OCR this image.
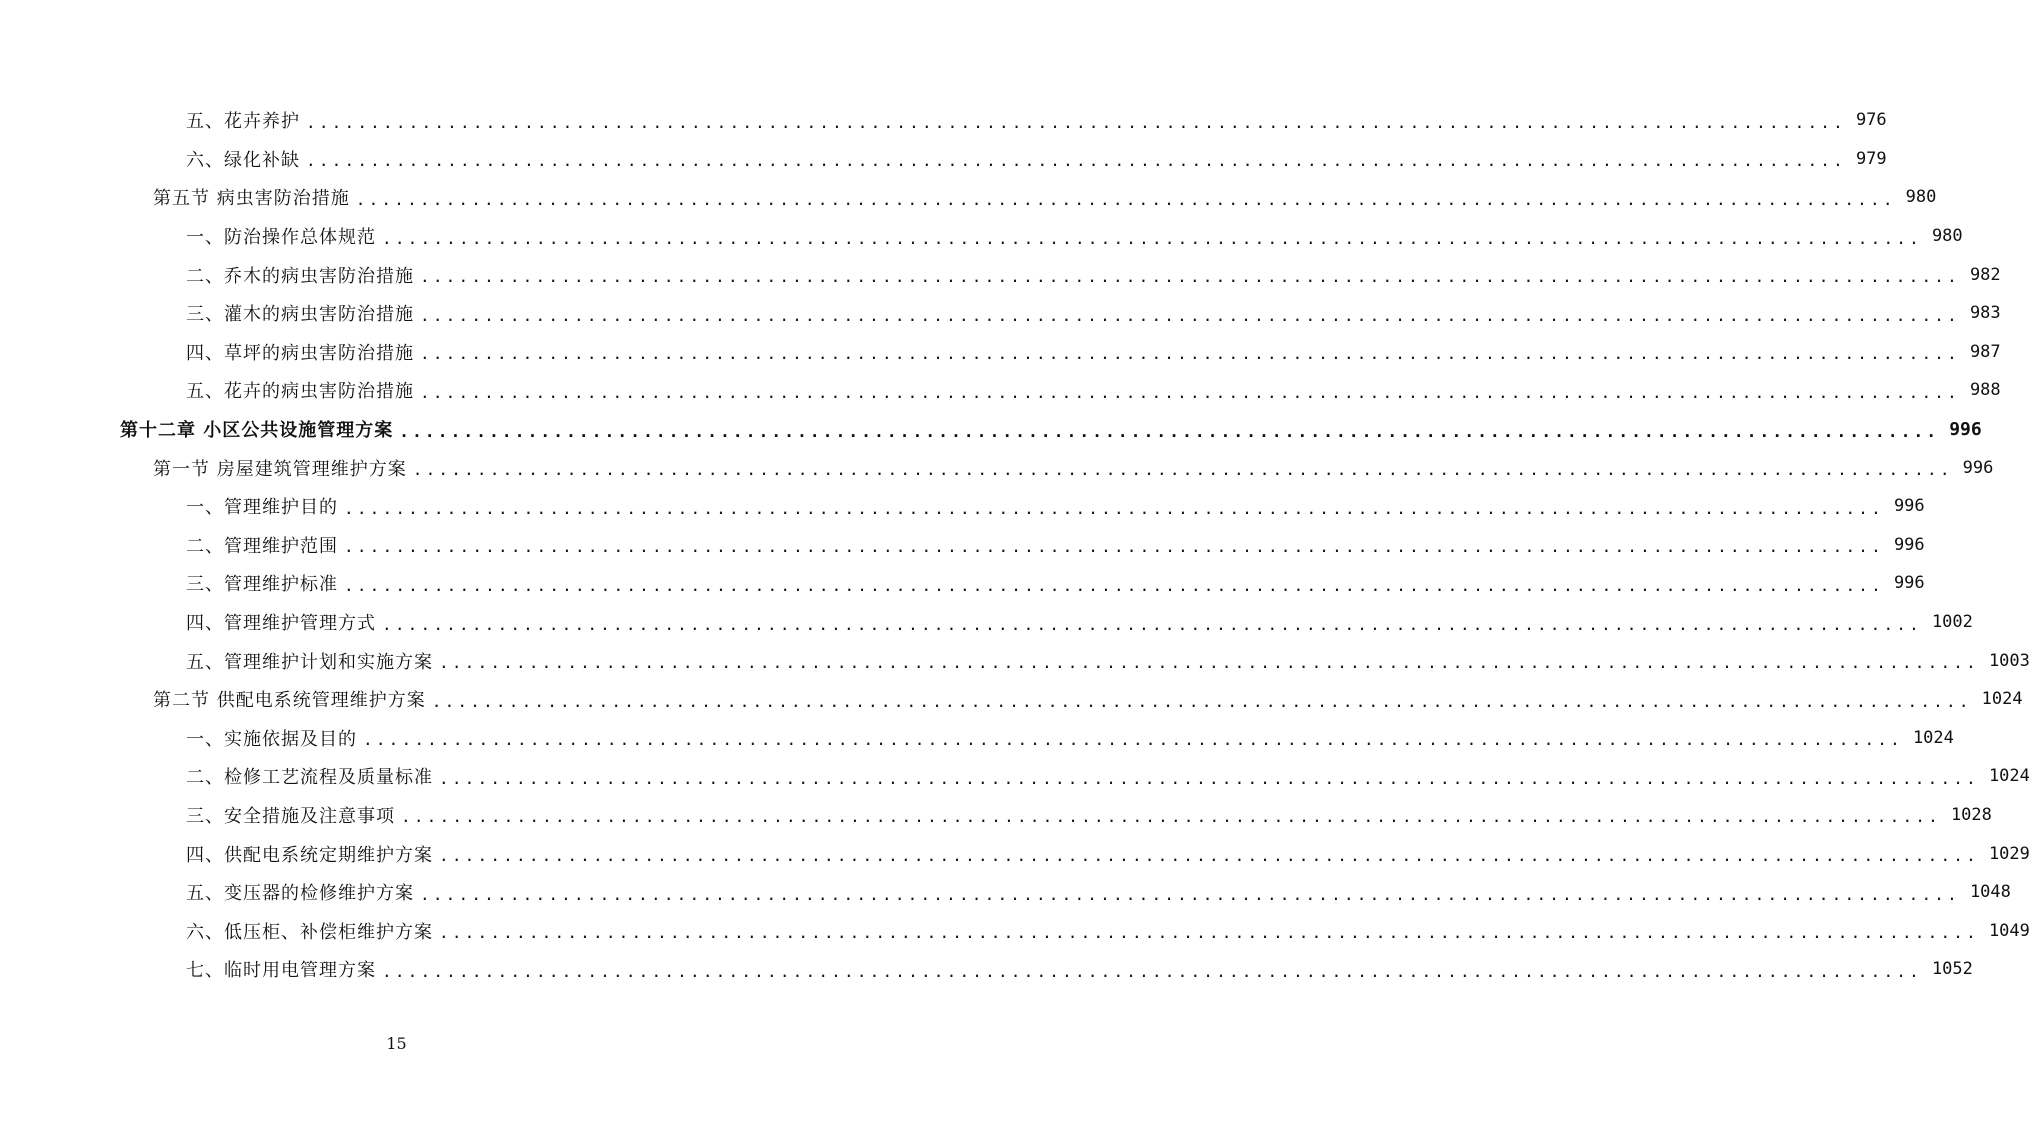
五、花卉养护 ........................................................................................................................ 976
六、绿化补缺 ........................................................................................................................ 979
第五节 病虫害防治措施 ........................................................................................................................ 980
一、防治操作总体规范 ........................................................................................................................ 980
二、乔木的病虫害防治措施 ........................................................................................................................ 982
三、灌木的病虫害防治措施 ........................................................................................................................ 983
四、草坪的病虫害防治措施 ........................................................................................................................ 987
五、花卉的病虫害防治措施 ........................................................................................................................ 988
第十二章 小区公共设施管理方案 ........................................................................................................................ 996
第一节 房屋建筑管理维护方案 ........................................................................................................................ 996
一、管理维护目的 ........................................................................................................................ 996
二、管理维护范围 ........................................................................................................................ 996
三、管理维护标准 ........................................................................................................................ 996
四、管理维护管理方式 ........................................................................................................................ 1002
五、管理维护计划和实施方案 ........................................................................................................................ 1003
第二节 供配电系统管理维护方案 ........................................................................................................................ 1024
一、实施依据及目的 ........................................................................................................................ 1024
二、检修工艺流程及质量标准 ........................................................................................................................ 1024
三、安全措施及注意事项 ........................................................................................................................ 1028
四、供配电系统定期维护方案 ........................................................................................................................ 1029
五、变压器的检修维护方案 ........................................................................................................................ 1048
六、低压柜、补偿柜维护方案 ........................................................................................................................ 1049
七、临时用电管理方案 ........................................................................................................................ 1052
15
